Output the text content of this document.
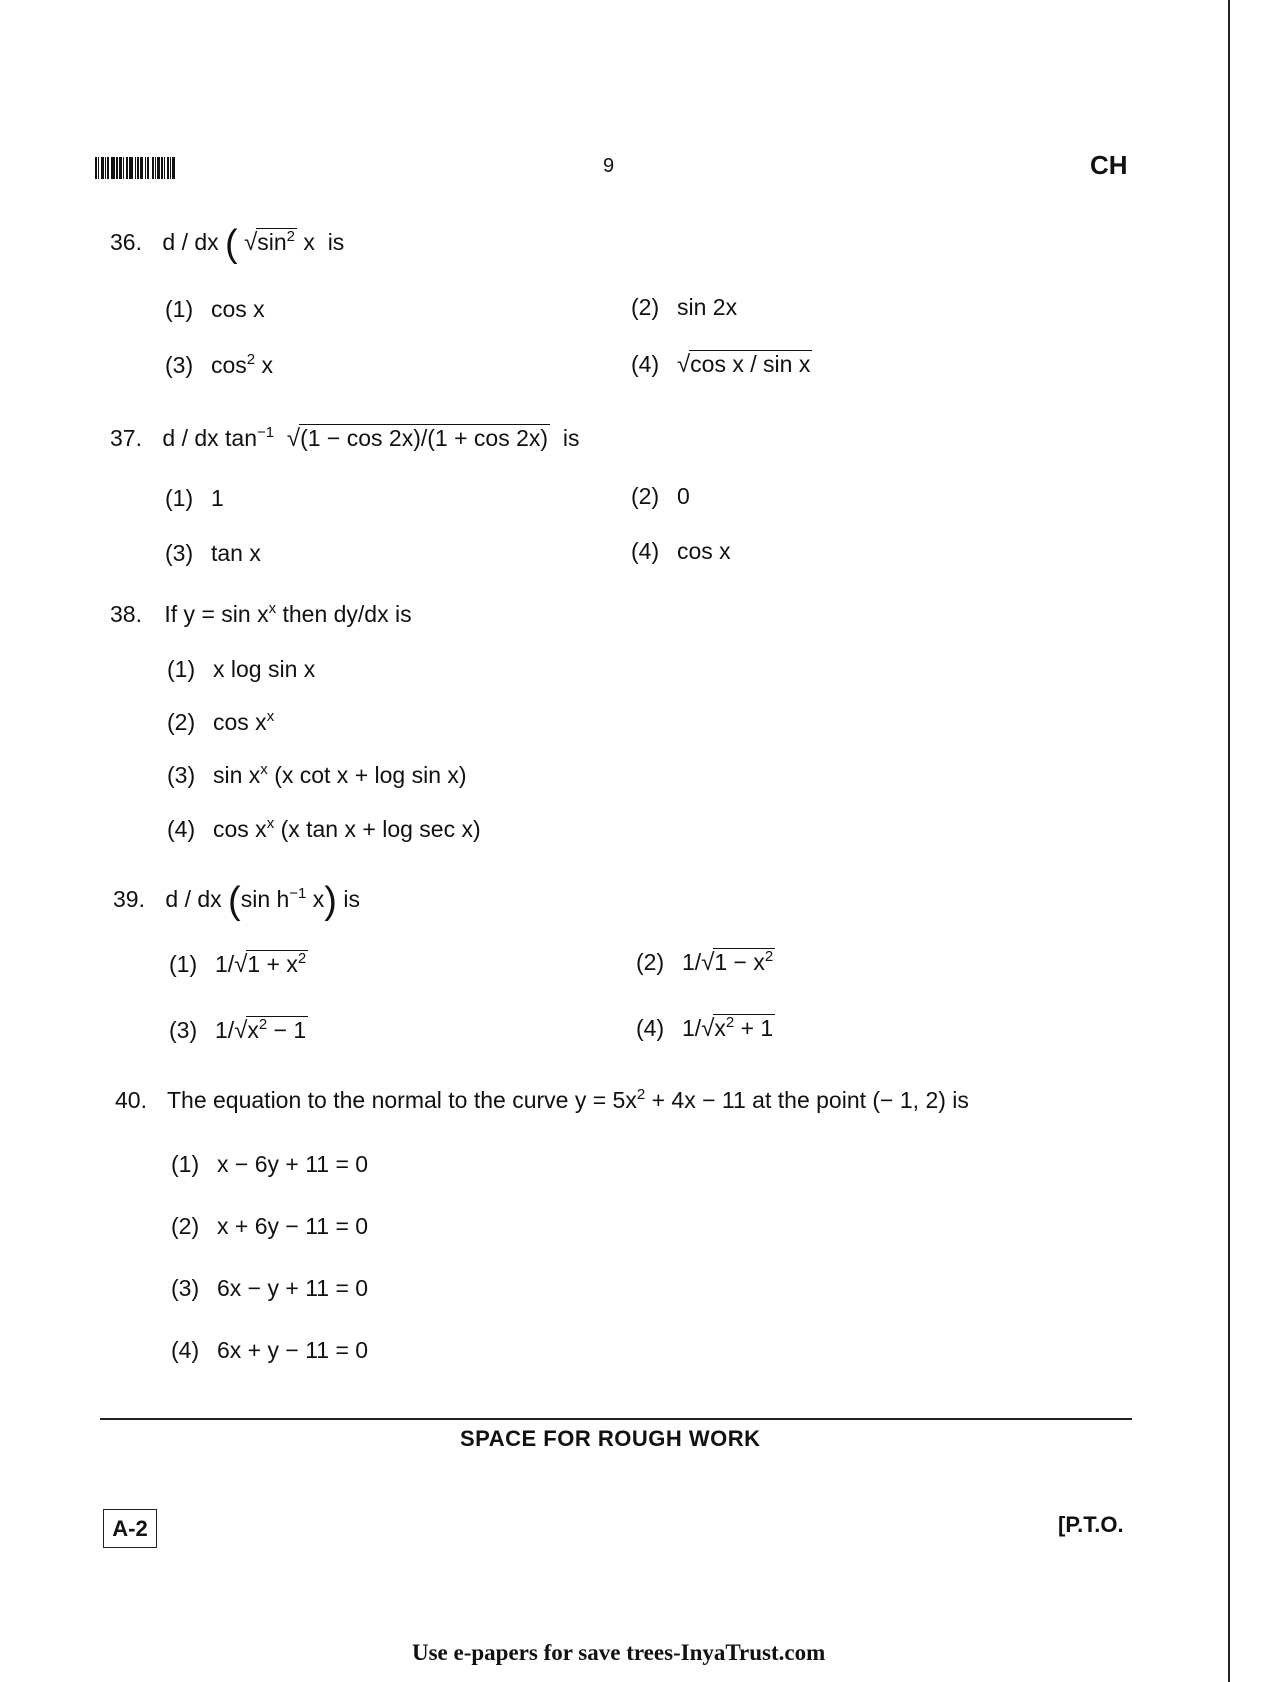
9	CH
36. d / dx ( $√\sin^2$ x is
(1) cos x	(2) sin 2x
(3) $\cos^2 x$	(4) √cos x / sin x
37. d / dx $\tan^{-1} √(1 - \cos 2x)/(1 + \cos 2x)$ is
(1) 1	(2) 0
(3) tan x	(4) cos x
38. If $y = \sin x^x$ then dy/dx is
(1) x log sin x
(2) $\cos x^x$
(3) $\sin x^x$ (x cot x + log sin x)
(4) $\cos x^x$ (x tan x + log sec x)
39. d / dx (sin $h^{-1}$ x) is
(1) $1/√1 + x^2$	(2) $1/√1 - x^2$
(3) $1/√x^2 - 1$	(4) $1/√x^2 + 1$
40. The equation to the normal to the curve $y = 5x^2 + 4x - 11$ at the point (− 1, 2) is
(1) x − 6y + 11 = 0
(2) x + 6y − 11 = 0
(3) 6x − y + 11 = 0
(4) 6x + y − 11 = 0
SPACE FOR ROUGH WORK
A-2	[P.T.O.
Use e-papers for save trees-InyaTrust.com
